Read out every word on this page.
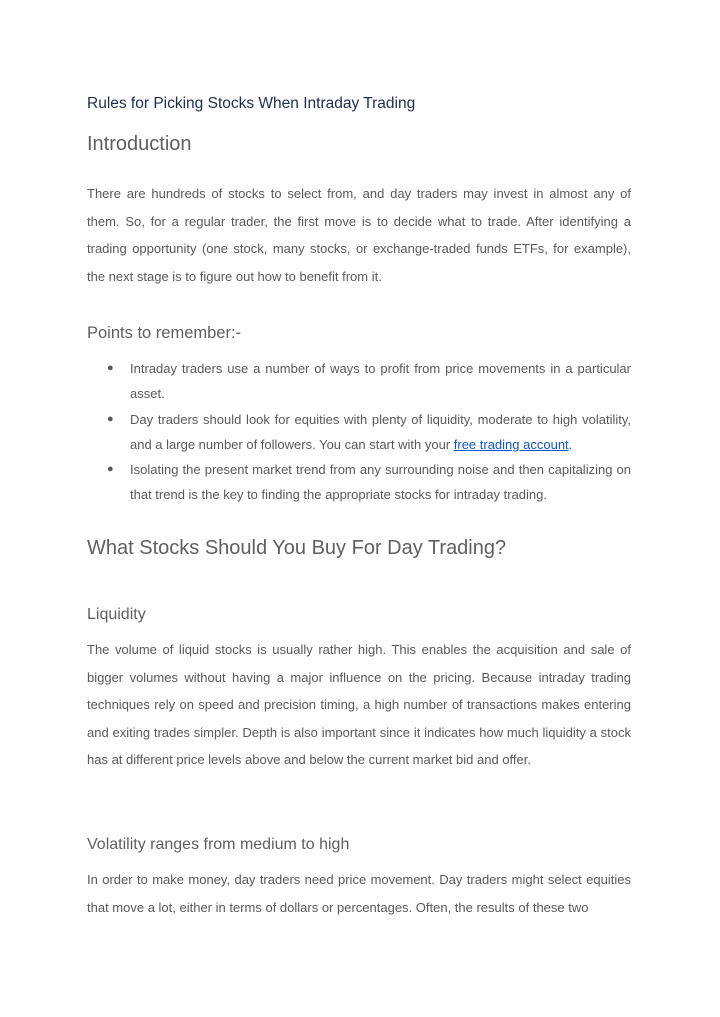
Rules for Picking Stocks When Intraday Trading
Introduction

There are hundreds of stocks to select from, and day traders may invest in almost any of them. So, for a regular trader, the first move is to decide what to trade. After identifying a trading opportunity (one stock, many stocks, or exchange-traded funds ETFs, for example), the next stage is to figure out how to benefit from it.

Points to remember:-
● Intraday traders use a number of ways to profit from price movements in a particular asset.
● Day traders should look for equities with plenty of liquidity, moderate to high volatility, and a large number of followers. You can start with your free trading account.
● Isolating the present market trend from any surrounding noise and then capitalizing on that trend is the key to finding the appropriate stocks for intraday trading.
What Stocks Should You Buy For Day Trading?
Liquidity

The volume of liquid stocks is usually rather high. This enables the acquisition and sale of bigger volumes without having a major influence on the pricing. Because intraday trading techniques rely on speed and precision timing, a high number of transactions makes entering and exiting trades simpler. Depth is also important since it indicates how much liquidity a stock has at different price levels above and below the current market bid and offer.

Volatility ranges from medium to high

In order to make money, day traders need price movement. Day traders might select equities that move a lot, either in terms of dollars or percentages. Often, the results of these two
